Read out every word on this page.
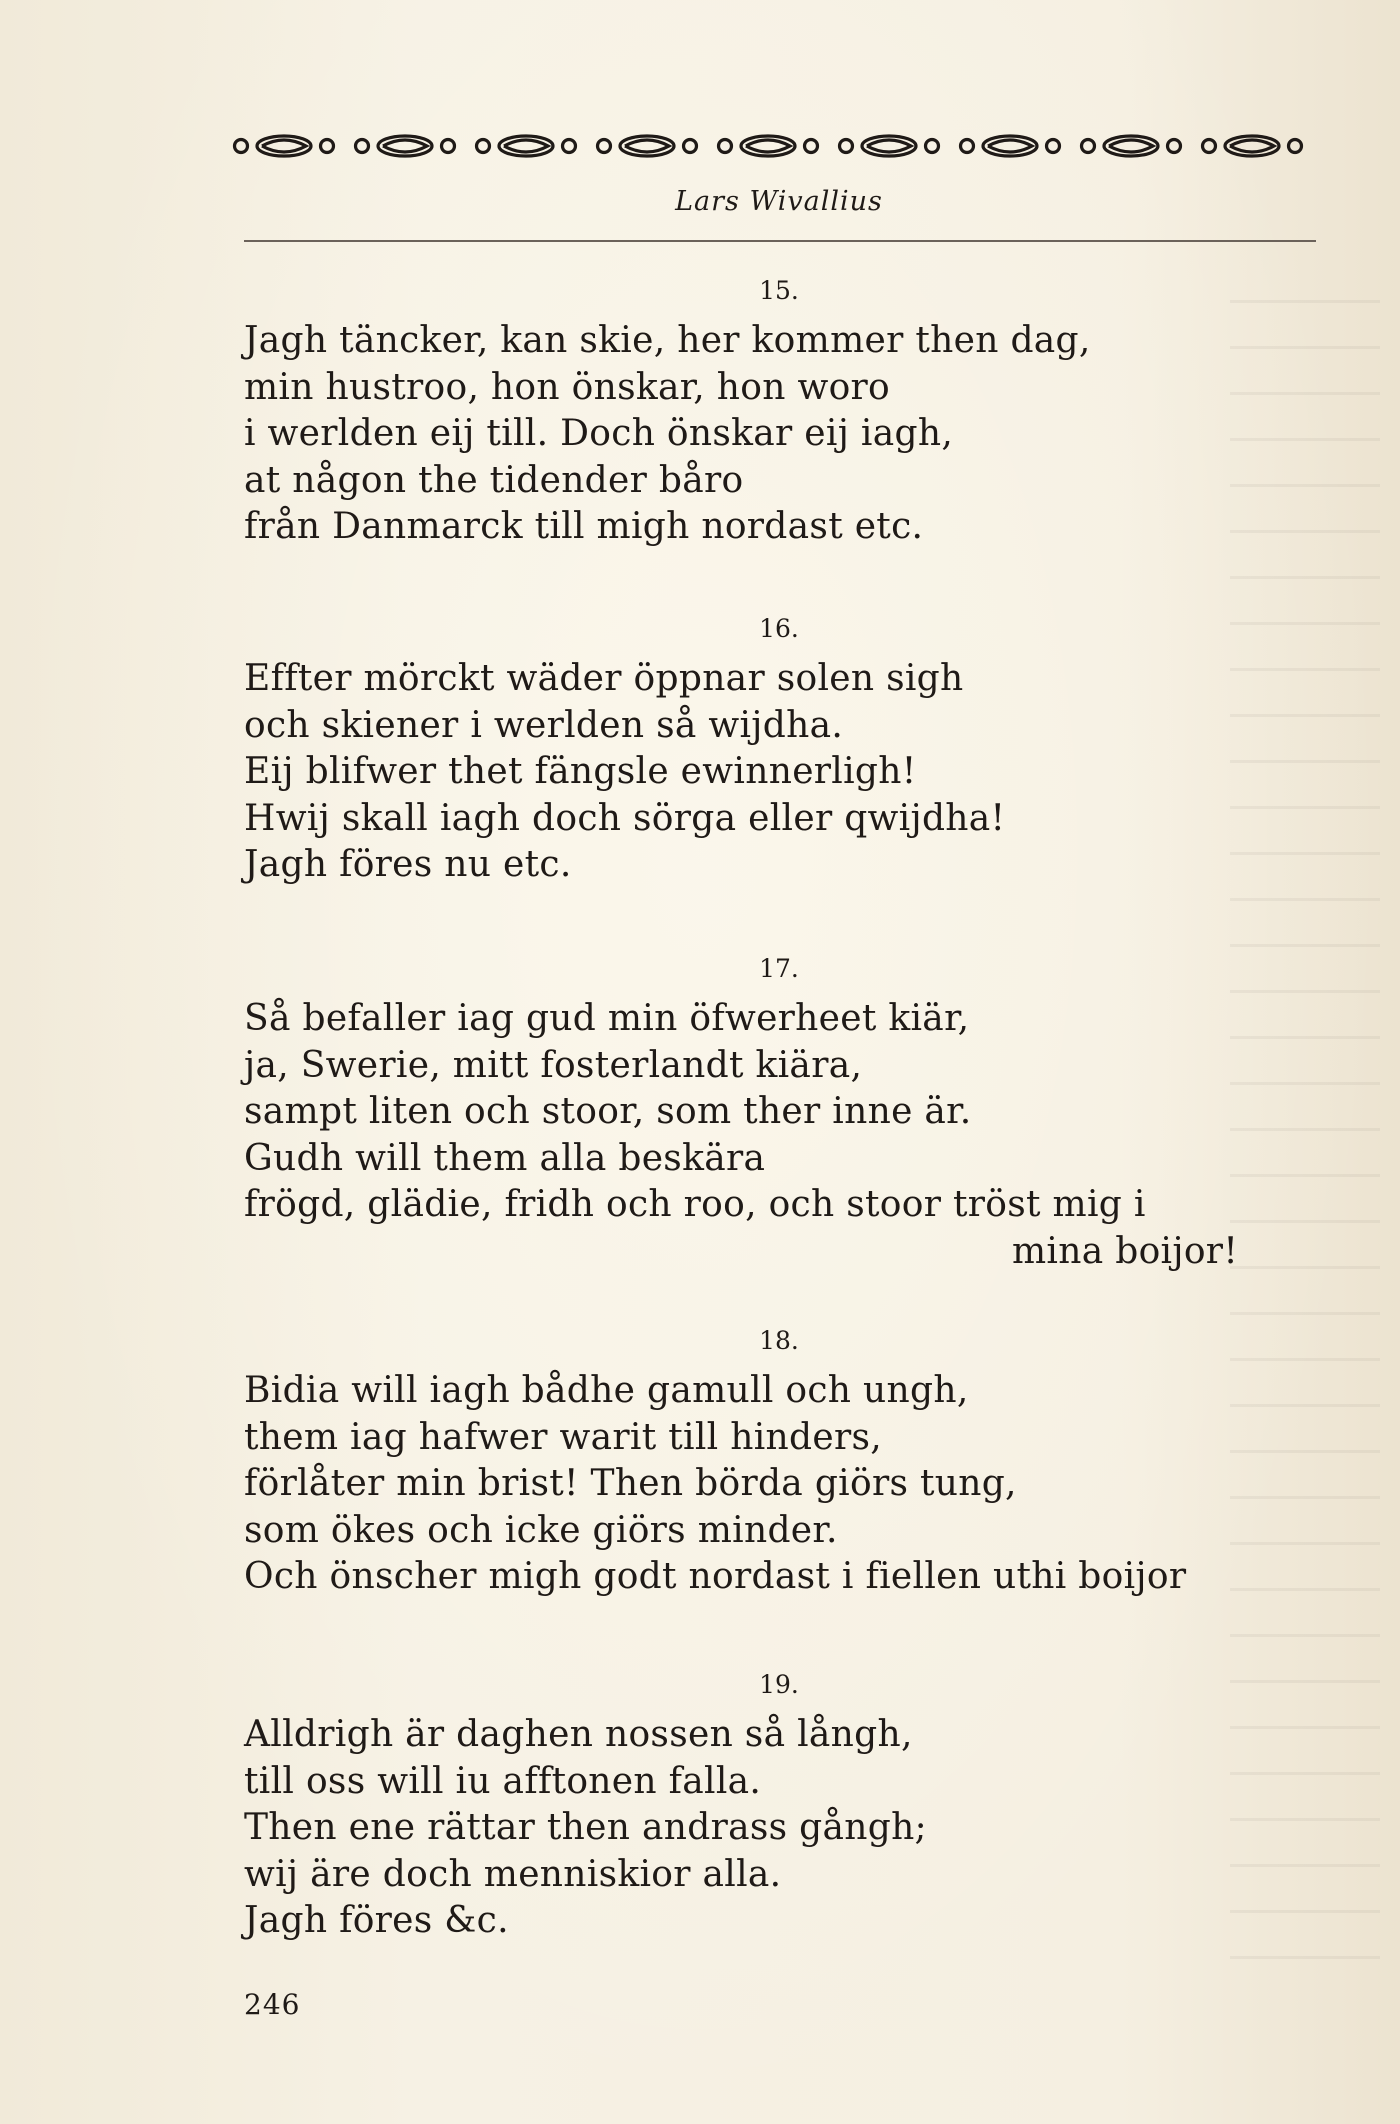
Lars Wivallius
15.
Jagh täncker, kan skie, her kommer then dag,
min hustroo, hon önskar, hon woro
i werlden eij till. Doch önskar eij iagh,
at någon the tidender båro
från Danmarck till migh nordast etc.
16.
Effter mörckt wäder öppnar solen sigh
och skiener i werlden så wijdha.
Eij blifwer thet fängsle ewinnerligh!
Hwij skall iagh doch sörga eller qwijdha!
Jagh föres nu etc.
17.
Så befaller iag gud min öfwerheet kiär,
ja, Swerie, mitt fosterlandt kiära,
sampt liten och stoor, som ther inne är.
Gudh will them alla beskära
frögd, glädie, fridh och roo, och stoor tröst mig i
mina boijor!
18.
Bidia will iagh bådhe gamull och ungh,
them iag hafwer warit till hinders,
förlåter min brist! Then börda giörs tung,
som ökes och icke giörs minder.
Och önscher migh godt nordast i fiellen uthi boijor
19.
Alldrigh är daghen nossen så långh,
till oss will iu afftonen falla.
Then ene rättar then andrass gångh;
wij äre doch menniskior alla.
Jagh föres &c.
246
